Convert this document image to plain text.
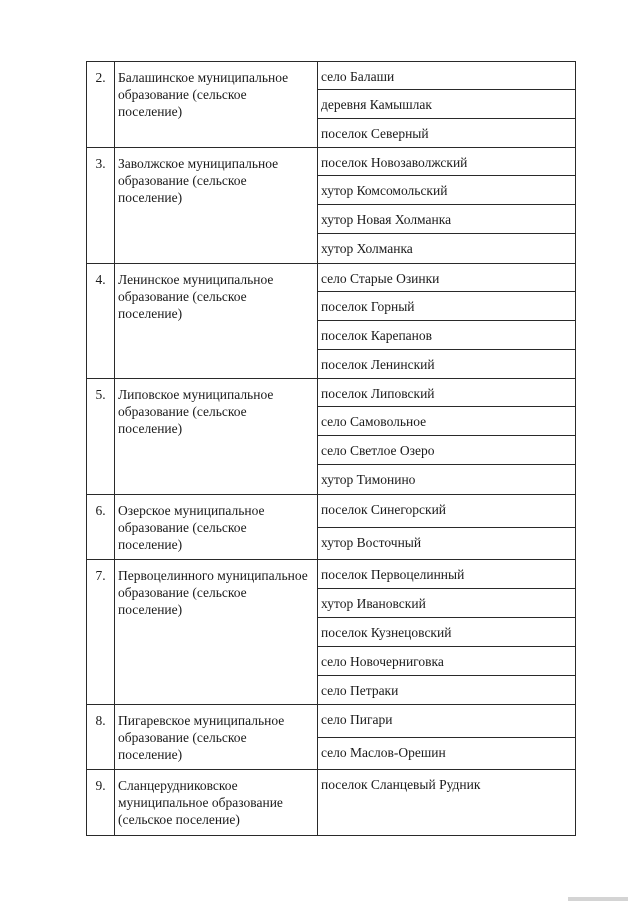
2.	Балашинское муниципальное образование (сельское поселение)	село Балаши
		деревня Камышлак
		поселок Северный
3.	Заволжское муниципальное образование (сельское поселение)	поселок Новозаволжский
		хутор Комсомольский
		хутор Новая Холманка
		хутор Холманка
4.	Ленинское муниципальное образование (сельское поселение)	село Старые Озинки
		поселок Горный
		поселок Карепанов
		поселок Ленинский
5.	Липовское муниципальное образование (сельское поселение)	поселок Липовский
		село Самовольное
		село Светлое Озеро
		хутор Тимонино
6.	Озерское муниципальное образование (сельское поселение)	поселок Синегорский
		хутор Восточный
7.	Первоцелинного муниципальное образование (сельское поселение)	поселок Первоцелинный
		хутор Ивановский
		поселок Кузнецовский
		село Новочерниговка
		село Петраки
8.	Пигаревское муниципальное образование (сельское поселение)	село Пигари
		село Маслов-Орешин
9.	Сланцерудниковское муниципальное образование (сельское поселение)	поселок Сланцевый Рудник
